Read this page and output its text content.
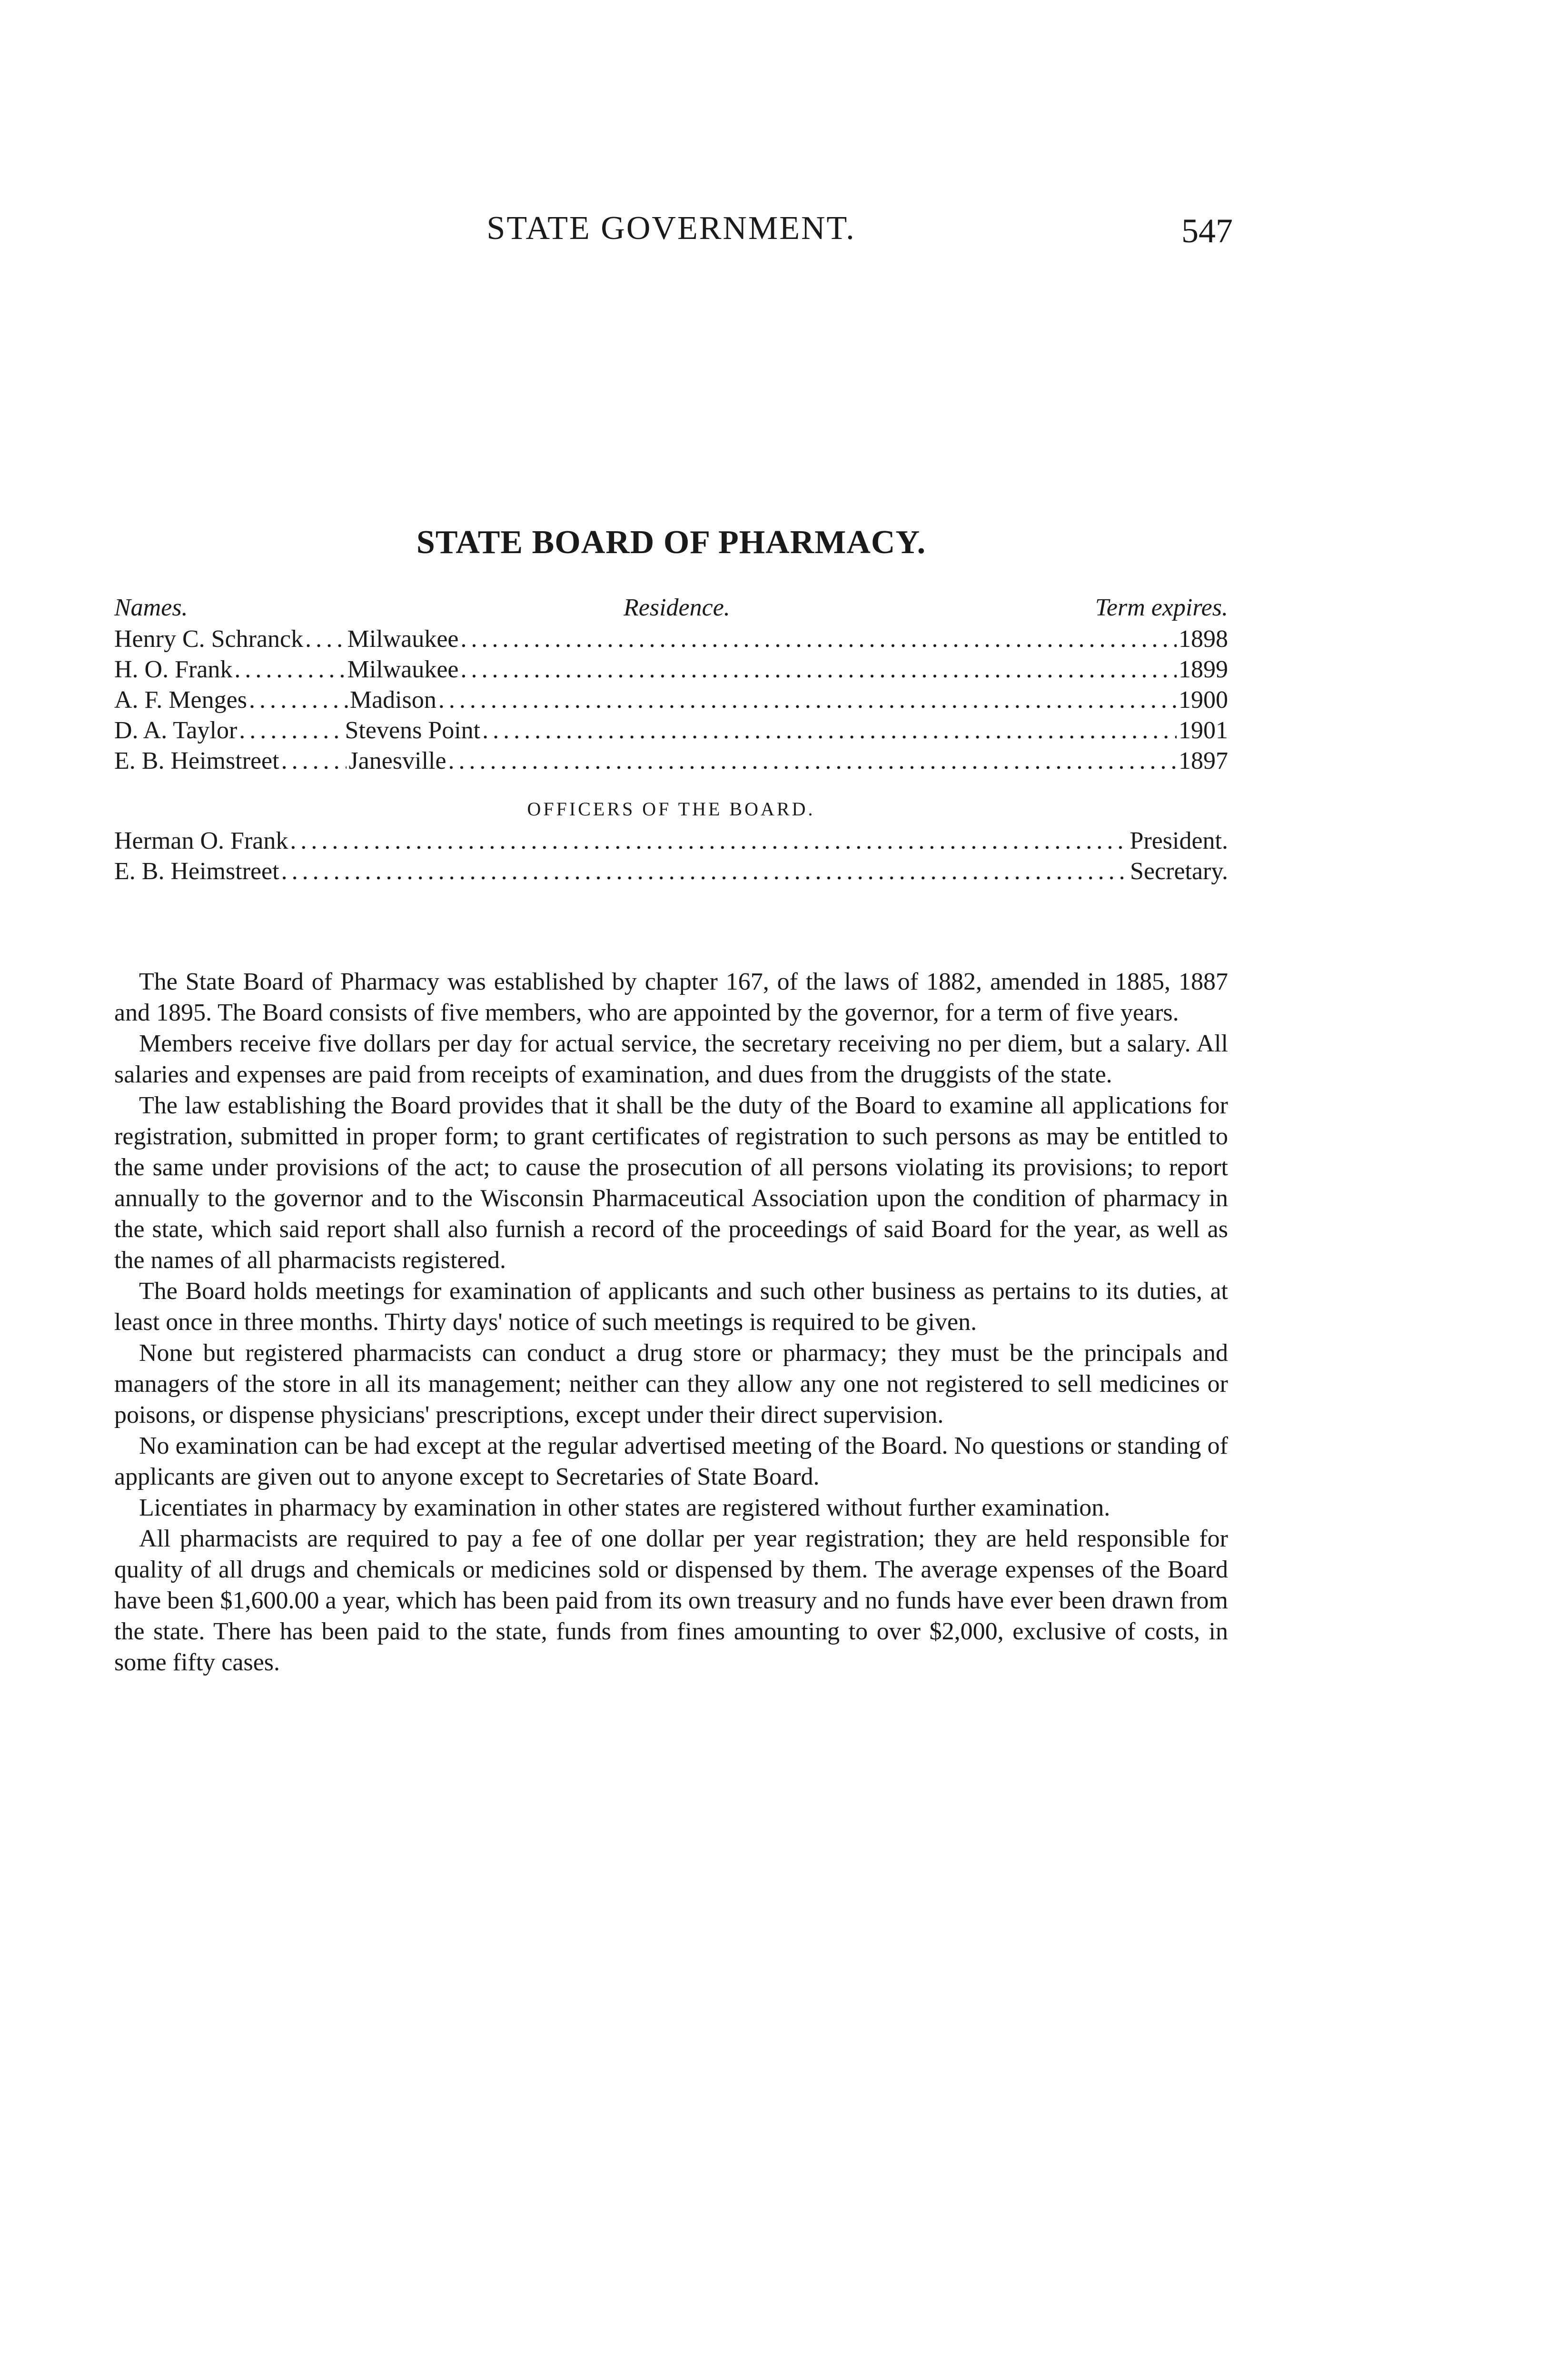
STATE GOVERNMENT.	547
STATE BOARD OF PHARMACY.
Names.	Residence.	Term expires.
Henry C. Schranck . . . Milwaukee . . .	1898
H. O. Frank . . .	Milwaukee . . .	1899
A. F. Menges . . .	Madison . . .	1900
D. A. Taylor . . .	Stevens Point . . .	1901
E. B. Heimstreet . . .	Janesville . . .	1897
OFFICERS OF THE BOARD.
Herman O. Frank . . .	President.
E. B. Heimstreet . . .	Secretary.

The State Board of Pharmacy was established by chapter 167, of the laws of 1882, amended in 1885, 1887 and 1895. The Board consists of five members, who are appointed by the governor, for a term of five years.

Members receive five dollars per day for actual service, the secretary receiving no per diem, but a salary. All salaries and expenses are paid from receipts of examination, and dues from the druggists of the state.

The law establishing the Board provides that it shall be the duty of the Board to examine all applications for registration, submitted in proper form; to grant certificates of registration to such persons as may be entitled to the same under provisions of the act; to cause the prosecution of all persons violating its provisions; to report annually to the governor and to the Wisconsin Pharmaceutical Association upon the condition of pharmacy in the state, which said report shall also furnish a record of the proceedings of said Board for the year, as well as the names of all pharmacists registered.

The Board holds meetings for examination of applicants and such other business as pertains to its duties, at least once in three months. Thirty days' notice of such meetings is required to be given.

None but registered pharmacists can conduct a drug store or pharmacy; they must be the principals and managers of the store in all its management; neither can they allow any one not registered to sell medicines or poisons, or dispense physicians' prescriptions, except under their direct supervision.

No examination can be had except at the regular advertised meeting of the Board. No questions or standing of applicants are given out to anyone except to Secretaries of State Board.

Licentiates in pharmacy by examination in other states are registered without further examination.

All pharmacists are required to pay a fee of one dollar per year registration; they are held responsible for quality of all drugs and chemicals or medicines sold or dispensed by them. The average expenses of the Board have been $1,600.00 a year, which has been paid from its own treasury and no funds have ever been drawn from the state. There has been paid to the state, funds from fines amounting to over $2,000, exclusive of costs, in some fifty cases.
